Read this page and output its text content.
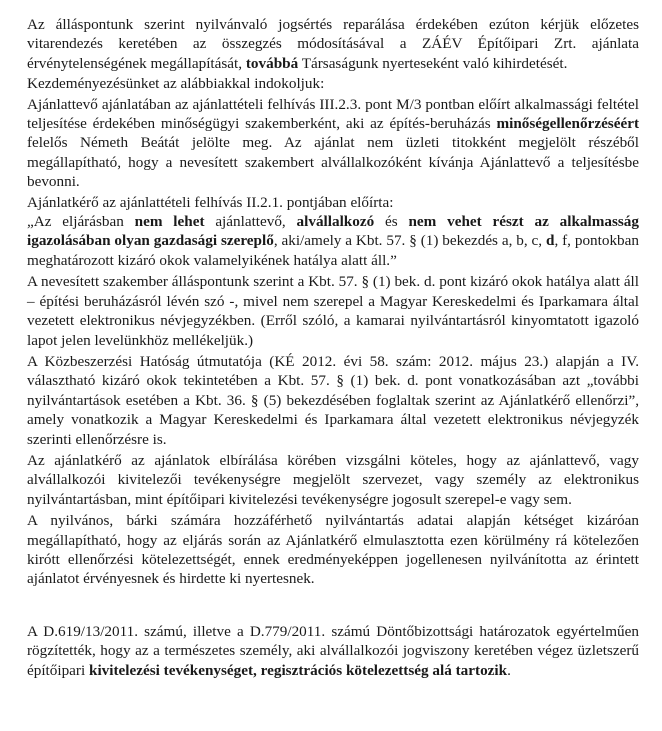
Az álláspontunk szerint nyilvánvaló jogsértés reparálása érdekében ezúton kérjük előzetes vitarendezés keretében az összegzés módosításával a ZÁÉV Építőipari Zrt. ajánlata érvénytelenségének megállapítását, továbbá Társaságunk nyerteseként való kihirdetését.

Kezdeményezésünket az alábbiakkal indokoljuk:

Ajánlattevő ajánlatában az ajánlattételi felhívás III.2.3. pont M/3 pontban előírt alkalmassági feltétel teljesítése érdekében minőségügyi szakemberként, aki az építés-beruházás minőségellenőrzéséért felelős Németh Beátát jelölte meg. Az ajánlat nem üzleti titokként megjelölt részéből megállapítható, hogy a nevesített szakembert alvállalkozóként kívánja Ajánlattevő a teljesítésbe bevonni.

Ajánlatkérő az ajánlattételi felhívás II.2.1. pontjában előírta:

„Az eljárásban nem lehet ajánlattevő, alvállalkozó és nem vehet részt az alkalmasság igazolásában olyan gazdasági szereplő, aki/amely a Kbt. 57. § (1) bekezdés a, b, c, d, f, pontokban meghatározott kizáró okok valamelyikének hatálya alatt áll.”

A nevesített szakember álláspontunk szerint a Kbt. 57. § (1) bek. d. pont kizáró okok hatálya alatt áll – építési beruházásról lévén szó -, mivel nem szerepel a Magyar Kereskedelmi és Iparkamara által vezetett elektronikus névjegyzékben. (Erről szóló, a kamarai nyilvántartásról kinyomtatott igazoló lapot jelen levelünkhöz mellékeljük.)

A Közbeszerzési Hatóság útmutatója (KÉ 2012. évi 58. szám: 2012. május 23.) alapján a IV. választható kizáró okok tekintetében a Kbt. 57. § (1) bek. d. pont vonatkozásában azt „további nyilvántartások esetében a Kbt. 36. § (5) bekezdésében foglaltak szerint az Ajánlatkérő ellenőrzi”, amely vonatkozik a Magyar Kereskedelmi és Iparkamara által vezetett elektronikus névjegyzék szerinti ellenőrzésre is.

Az ajánlatkérő az ajánlatok elbírálása körében vizsgálni köteles, hogy az ajánlattevő, vagy alvállalkozói kivitelezői tevékenységre megjelölt szervezet, vagy személy az elektronikus nyilvántartásban, mint építőipari kivitelezési tevékenységre jogosult szerepel-e vagy sem.

A nyilvános, bárki számára hozzáférhető nyilvántartás adatai alapján kétséget kizáróan megállapítható, hogy az eljárás során az Ajánlatkérő elmulasztotta ezen körülmény rá kötelezően kirótt ellenőrzési kötelezettségét, ennek eredményeképpen jogellenesen nyilvánította az érintett ajánlatot érvényesnek és hirdette ki nyertesnek.

A D.619/13/2011. számú, illetve a D.779/2011. számú Döntőbizottsági határozatok egyértelműen rögzítették, hogy az a természetes személy, aki alvállalkozói jogviszony keretében végez üzletszerű építőipari kivitelezési tevékenységet, regisztrációs kötelezettség alá tartozik.
